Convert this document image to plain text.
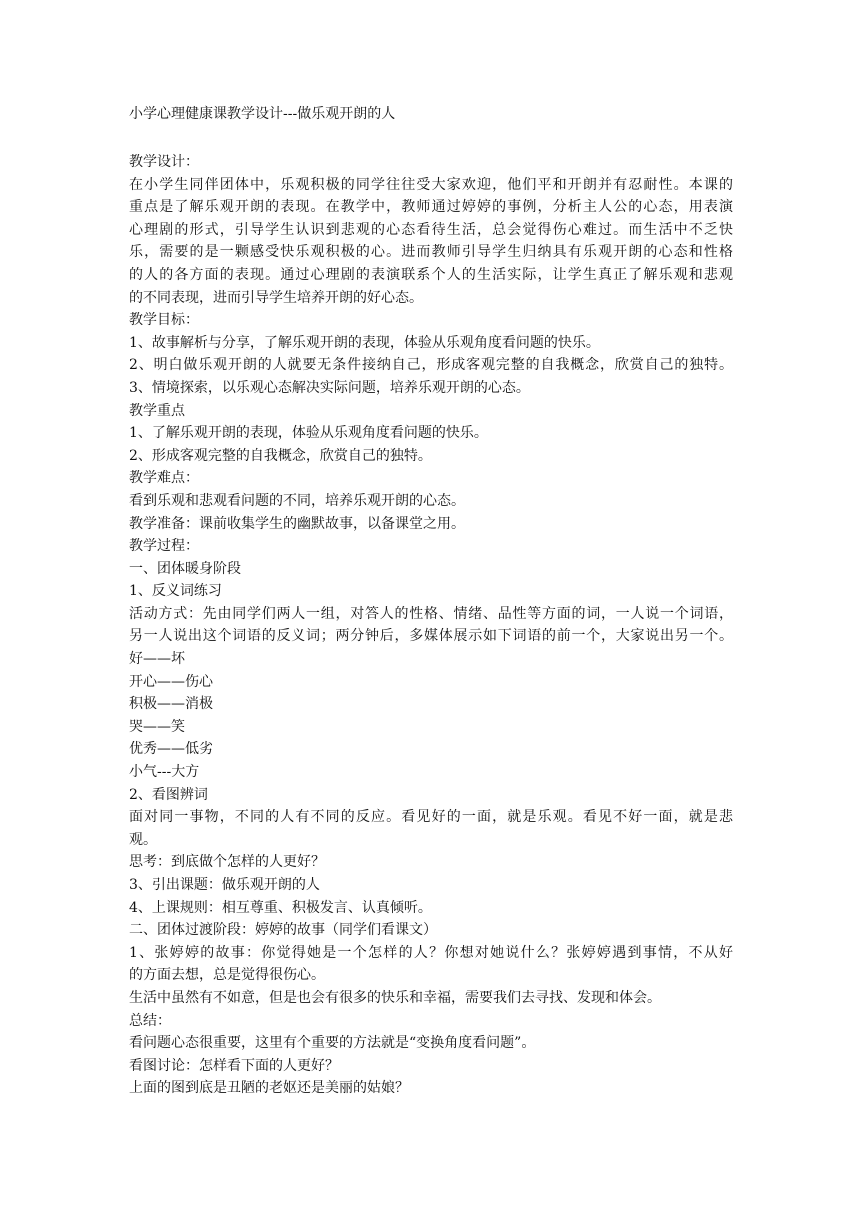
小学心理健康课教学设计---做乐观开朗的人
教学设计：
在小学生同伴团体中，乐观积极的同学往往受大家欢迎，他们平和开朗并有忍耐性。本课的
重点是了解乐观开朗的表现。在教学中，教师通过婷婷的事例，分析主人公的心态，用表演
心理剧的形式，引导学生认识到悲观的心态看待生活，总会觉得伤心难过。而生活中不乏快
乐，需要的是一颗感受快乐观积极的心。进而教师引导学生归纳具有乐观开朗的心态和性格
的人的各方面的表现。通过心理剧的表演联系个人的生活实际，让学生真正了解乐观和悲观
的不同表现，进而引导学生培养开朗的好心态。
教学目标：
1、故事解析与分享，了解乐观开朗的表现，体验从乐观角度看问题的快乐。
2、明白做乐观开朗的人就要无条件接纳自己，形成客观完整的自我概念，欣赏自己的独特。
3、情境探索，以乐观心态解决实际问题，培养乐观开朗的心态。
教学重点
1、了解乐观开朗的表现，体验从乐观角度看问题的快乐。
2、形成客观完整的自我概念，欣赏自己的独特。
教学难点：
看到乐观和悲观看问题的不同，培养乐观开朗的心态。
教学准备：课前收集学生的幽默故事，以备课堂之用。
教学过程：
一、团体暖身阶段
1、反义词练习
活动方式：先由同学们两人一组，对答人的性格、情绪、品性等方面的词，一人说一个词语，
另一人说出这个词语的反义词；两分钟后，多媒体展示如下词语的前一个，大家说出另一个。
好——坏
开心——伤心
积极——消极
哭——笑
优秀——低劣
小气---大方
2、看图辨词
面对同一事物，不同的人有不同的反应。看见好的一面，就是乐观。看见不好一面，就是悲
观。
思考：到底做个怎样的人更好？
3、引出课题：做乐观开朗的人
4、上课规则：相互尊重、积极发言、认真倾听。
二、团体过渡阶段：婷婷的故事（同学们看课文）
1、张婷婷的故事：你觉得她是一个怎样的人？你想对她说什么？张婷婷遇到事情，不从好
的方面去想，总是觉得很伤心。
生活中虽然有不如意，但是也会有很多的快乐和幸福，需要我们去寻找、发现和体会。
总结：
看问题心态很重要，这里有个重要的方法就是“变换角度看问题”。
看图讨论：怎样看下面的人更好？
上面的图到底是丑陋的老妪还是美丽的姑娘？
